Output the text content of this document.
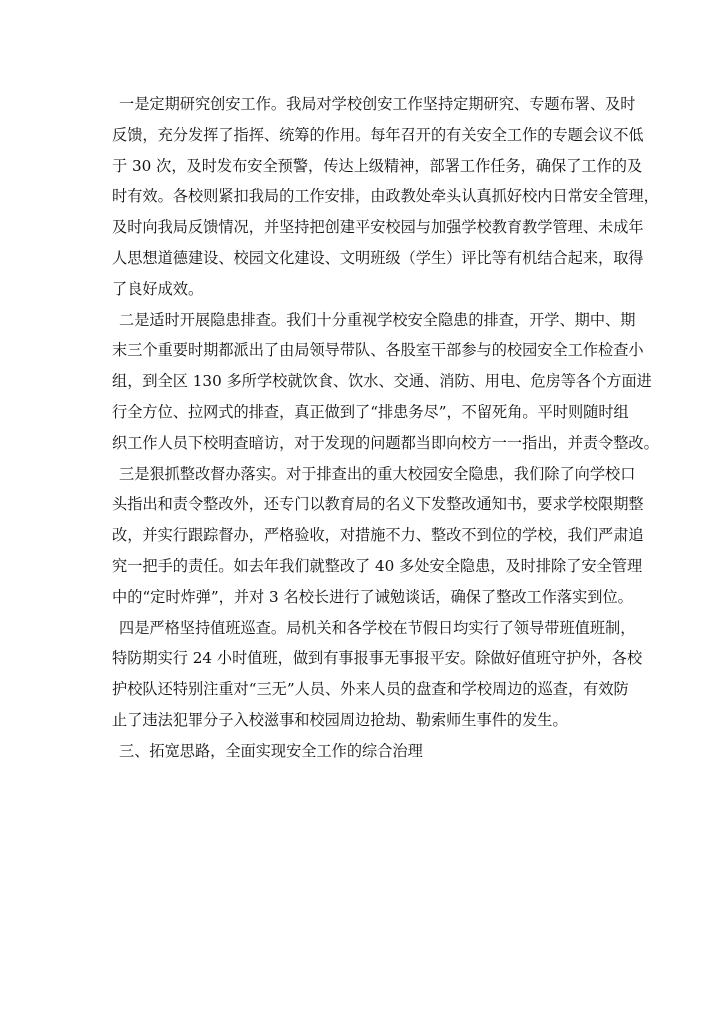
一是定期研究创安工作。我局对学校创安工作坚持定期研究、专题布署、及时
反馈，充分发挥了指挥、统筹的作用。每年召开的有关安全工作的专题会议不低
于 30 次，及时发布安全预警，传达上级精神，部署工作任务，确保了工作的及
时有效。各校则紧扣我局的工作安排，由政教处牵头认真抓好校内日常安全管理，
及时向我局反馈情况，并坚持把创建平安校园与加强学校教育教学管理、未成年
人思想道德建设、校园文化建设、文明班级（学生）评比等有机结合起来，取得
了良好成效。
二是适时开展隐患排查。我们十分重视学校安全隐患的排查，开学、期中、期
末三个重要时期都派出了由局领导带队、各股室干部参与的校园安全工作检查小
组，到全区 130 多所学校就饮食、饮水、交通、消防、用电、危房等各个方面进
行全方位、拉网式的排查，真正做到了“排患务尽”，不留死角。平时则随时组
织工作人员下校明查暗访，对于发现的问题都当即向校方一一指出，并责令整改。
三是狠抓整改督办落实。对于排查出的重大校园安全隐患，我们除了向学校口
头指出和责令整改外，还专门以教育局的名义下发整改通知书，要求学校限期整
改，并实行跟踪督办，严格验收，对措施不力、整改不到位的学校，我们严肃追
究一把手的责任。如去年我们就整改了 40 多处安全隐患，及时排除了安全管理
中的“定时炸弹”，并对 3 名校长进行了诫勉谈话，确保了整改工作落实到位。
四是严格坚持值班巡查。局机关和各学校在节假日均实行了领导带班值班制，
特防期实行 24 小时值班，做到有事报事无事报平安。除做好值班守护外，各校
护校队还特别注重对“三无”人员、外来人员的盘查和学校周边的巡查，有效防
止了违法犯罪分子入校滋事和校园周边抢劫、勒索师生事件的发生。
三、拓宽思路，全面实现安全工作的综合治理
